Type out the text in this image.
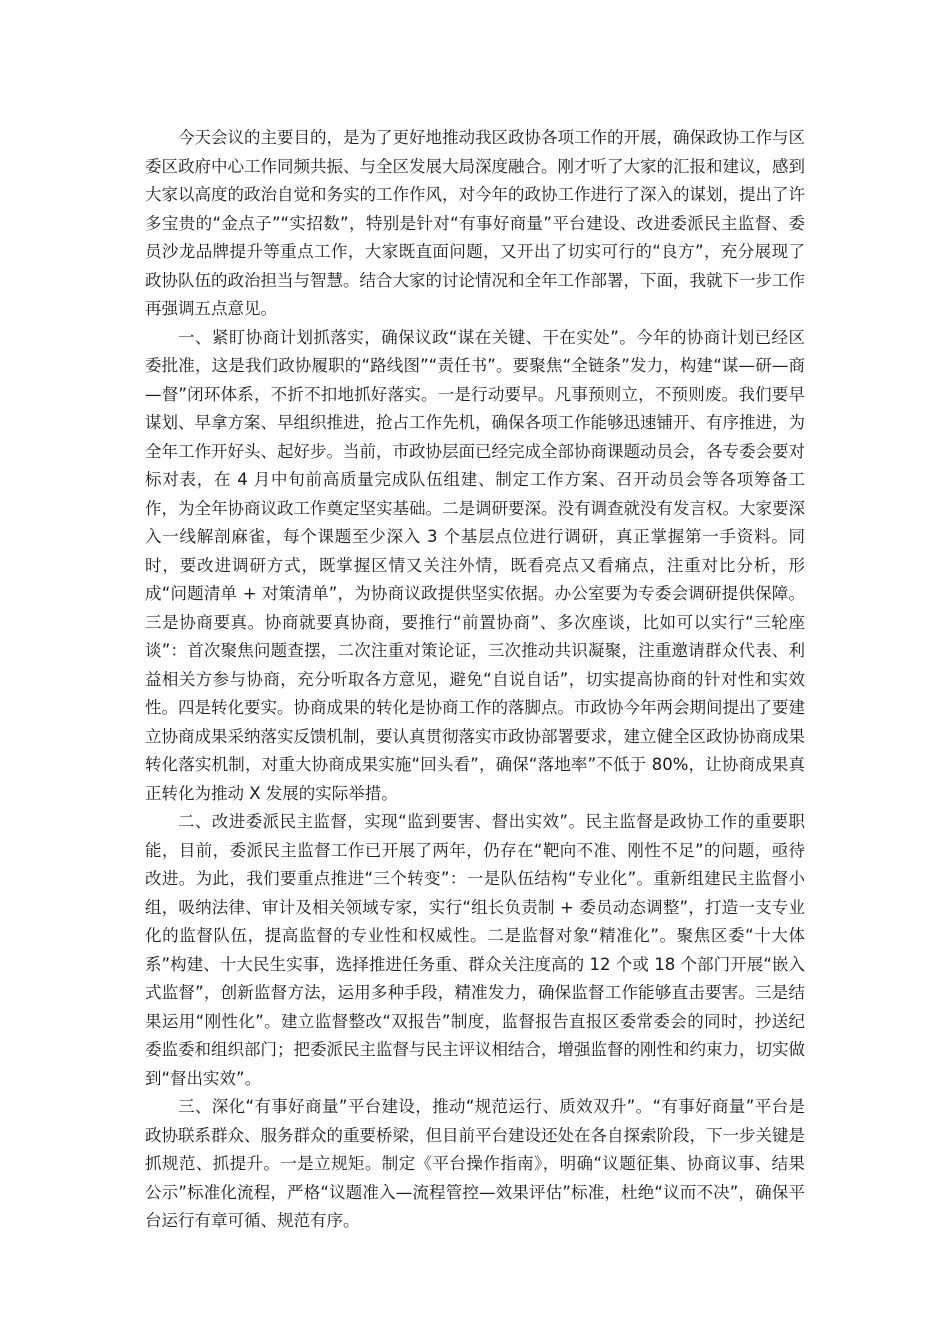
今天会议的主要目的，是为了更好地推动我区政协各项工作的开展，确保政协工作与区委区政府中心工作同频共振、与全区发展大局深度融合。刚才听了大家的汇报和建议，感到大家以高度的政治自觉和务实的工作作风，对今年的政协工作进行了深入的谋划，提出了许多宝贵的“金点子”“实招数”，特别是针对“有事好商量”平台建设、改进委派民主监督、委员沙龙品牌提升等重点工作，大家既直面问题，又开出了切实可行的“良方”，充分展现了政协队伍的政治担当与智慧。结合大家的讨论情况和全年工作部署，下面，我就下一步工作再强调五点意见。

一、紧盯协商计划抓落实，确保议政“谋在关键、干在实处”。今年的协商计划已经区委批准，这是我们政协履职的“路线图”“责任书”。要聚焦“全链条”发力，构建“谋—研—商—督”闭环体系，不折不扣地抓好落实。一是行动要早。凡事预则立，不预则废。我们要早谋划、早拿方案、早组织推进，抢占工作先机，确保各项工作能够迅速铺开、有序推进，为全年工作开好头、起好步。当前，市政协层面已经完成全部协商课题动员会，各专委会要对标对表，在 4 月中旬前高质量完成队伍组建、制定工作方案、召开动员会等各项筹备工作，为全年协商议政工作奠定坚实基础。二是调研要深。没有调查就没有发言权。大家要深入一线解剖麻雀，每个课题至少深入 3 个基层点位进行调研，真正掌握第一手资料。同时，要改进调研方式，既掌握区情又关注外情，既看亮点又看痛点，注重对比分析，形成“问题清单 + 对策清单”，为协商议政提供坚实依据。办公室要为专委会调研提供保障。三是协商要真。协商就要真协商，要推行“前置协商”、多次座谈，比如可以实行“三轮座谈”：首次聚焦问题查摆，二次注重对策论证，三次推动共识凝聚，注重邀请群众代表、利益相关方参与协商，充分听取各方意见，避免“自说自话”，切实提高协商的针对性和实效性。四是转化要实。协商成果的转化是协商工作的落脚点。市政协今年两会期间提出了要建立协商成果采纳落实反馈机制，要认真贯彻落实市政协部署要求，建立健全区政协协商成果转化落实机制，对重大协商成果实施“回头看”，确保“落地率”不低于 80%，让协商成果真正转化为推动 X 发展的实际举措。

二、改进委派民主监督，实现“监到要害、督出实效”。民主监督是政协工作的重要职能，目前，委派民主监督工作已开展了两年，仍存在“靶向不准、刚性不足”的问题，亟待改进。为此，我们要重点推进“三个转变”：一是队伍结构“专业化”。重新组建民主监督小组，吸纳法律、审计及相关领域专家，实行“组长负责制 + 委员动态调整”，打造一支专业化的监督队伍，提高监督的专业性和权威性。二是监督对象“精准化”。聚焦区委“十大体系”构建、十大民生实事，选择推进任务重、群众关注度高的 12 个或 18 个部门开展“嵌入式监督”，创新监督方法，运用多种手段，精准发力，确保监督工作能够直击要害。三是结果运用“刚性化”。建立监督整改“双报告”制度，监督报告直报区委常委会的同时，抄送纪委监委和组织部门；把委派民主监督与民主评议相结合，增强监督的刚性和约束力，切实做到“督出实效”。

三、深化“有事好商量”平台建设，推动“规范运行、质效双升”。“有事好商量”平台是政协联系群众、服务群众的重要桥梁，但目前平台建设还处在各自探索阶段，下一步关键是抓规范、抓提升。一是立规矩。制定《平台操作指南》，明确“议题征集、协商议事、结果公示”标准化流程，严格“议题准入—流程管控—效果评估”标准，杜绝“议而不决”，确保平台运行有章可循、规范有序。
